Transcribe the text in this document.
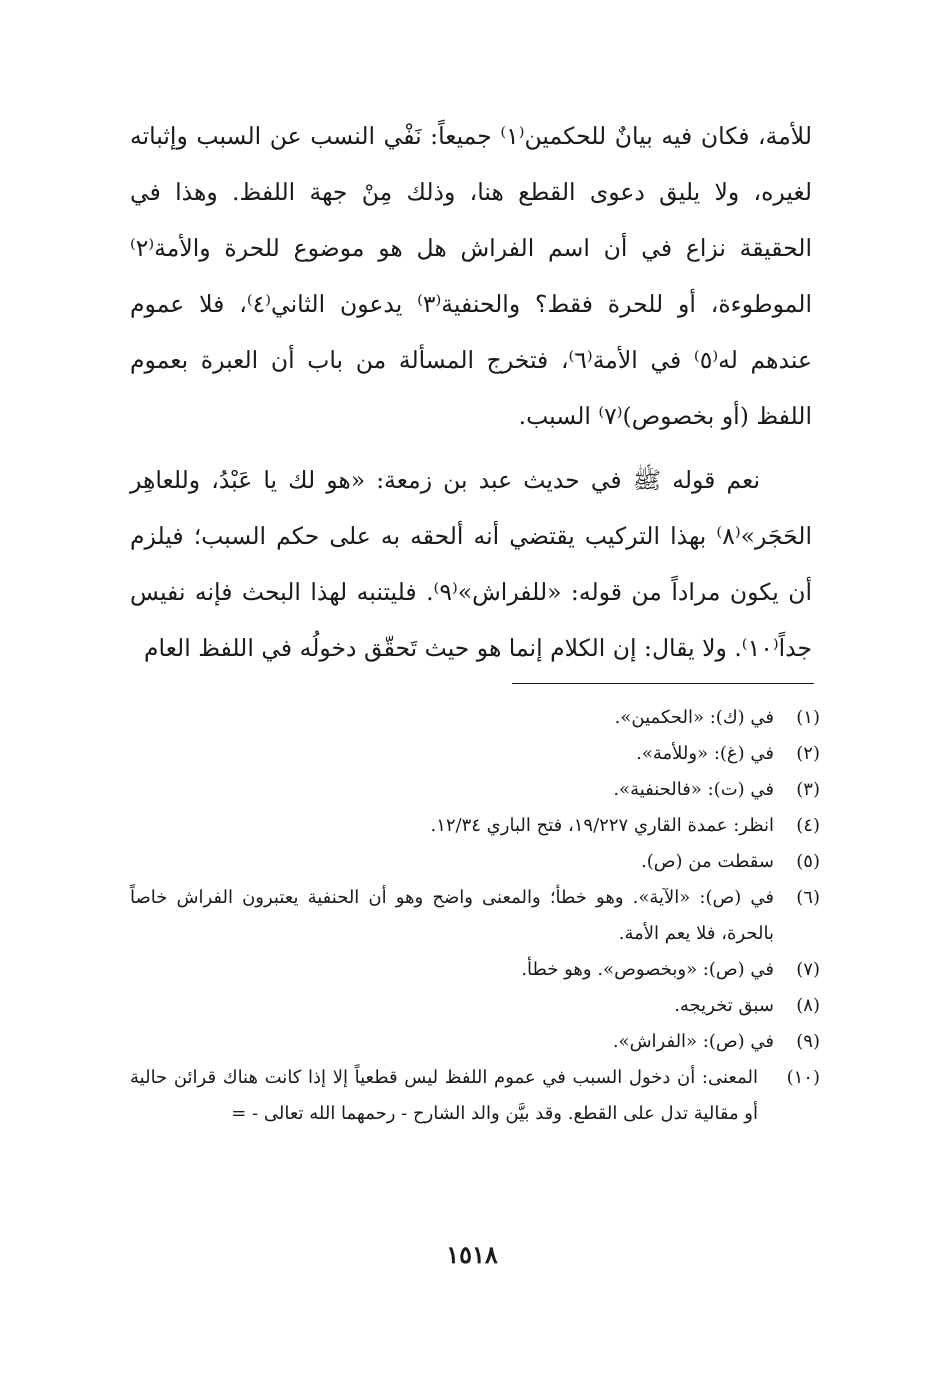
للأمة، فكان فيه بيانٌ للحكمين⁽١⁾ جميعاً: نَفْي النسب عن السبب وإثباته لغيره، ولا يليق دعوى القطع هنا، وذلك مِنْ جهة اللفظ. وهذا في الحقيقة نزاع في أن اسم الفراش هل هو موضوع للحرة والأمة⁽٢⁾ الموطوءة، أو للحرة فقط؟ والحنفية⁽٣⁾ يدعون الثاني⁽٤⁾، فلا عموم عندهم له⁽٥⁾ في الأمة⁽٦⁾، فتخرج المسألة من باب أن العبرة بعموم اللفظ (أو بخصوص)⁽٧⁾ السبب.

نعم قوله ﷺ في حديث عبد بن زمعة: «هو لك يا عَبْدُ، وللعاهِر الحَجَر»⁽٨⁾ بهذا التركيب يقتضي أنه ألحقه به على حكم السبب؛ فيلزم أن يكون مراداً من قوله: «للفراش»⁽٩⁾. فليتنبه لهذا البحث فإنه نفيس جداً⁽١٠⁾. ولا يقال: إن الكلام إنما هو حيث تَحقّق دخولُه في اللفظ العام

(١)
في (ك): «الحكمين».
(٢)
في (غ): «وللأمة».
(٣)
في (ت): «فالحنفية».
(٤)
انظر: عمدة القاري ١٩/٢٢٧، فتح الباري ١٢/٣٤.
(٥)
سقطت من (ص).
(٦)
في (ص): «الآية». وهو خطأ؛ والمعنى واضح وهو أن الحنفية يعتبرون الفراش خاصاً بالحرة، فلا يعم الأمة.
(٧)
في (ص): «وبخصوص». وهو خطأ.
(٨)
سبق تخريجه.
(٩)
في (ص): «الفراش».
(١٠)
المعنى: أن دخول السبب في عموم اللفظ ليس قطعياً إلا إذا كانت هناك قرائن حالية أو مقالية تدل على القطع. وقد بيَّن والد الشارح - رحمهما الله تعالى - =
١٥١٨
